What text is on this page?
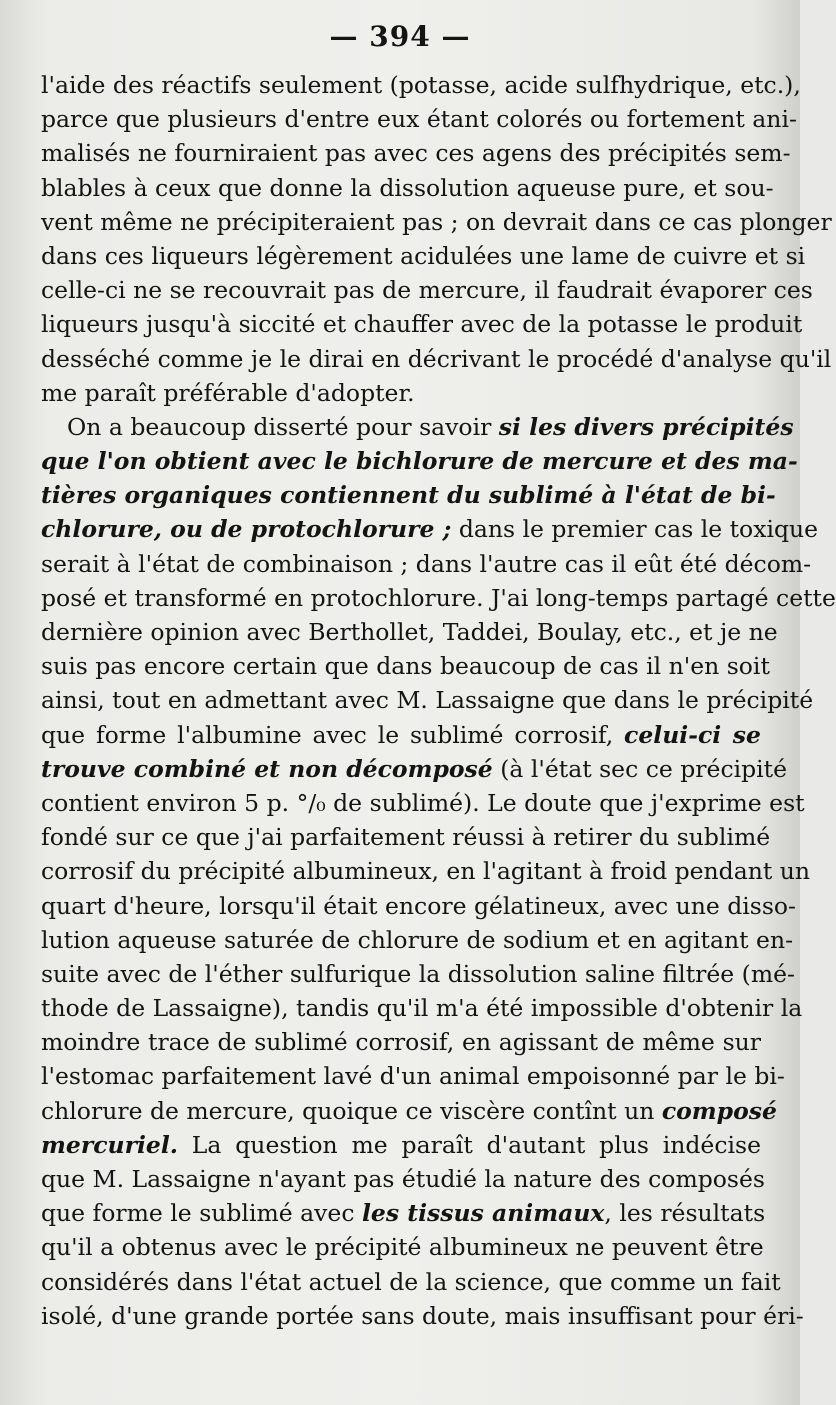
— 394 —
l'aide des réactifs seulement (potasse, acide sulfhydrique, etc.),
parce que plusieurs d'entre eux étant colorés ou fortement ani-
malisés ne fourniraient pas avec ces agens des précipités sem-
blables à ceux que donne la dissolution aqueuse pure, et sou-
vent même ne précipiteraient pas ; on devrait dans ce cas plonger
dans ces liqueurs légèrement acidulées une lame de cuivre et si
celle-ci ne se recouvrait pas de mercure, il faudrait évaporer ces
liqueurs jusqu'à siccité et chauffer avec de la potasse le produit
desséché comme je le dirai en décrivant le procédé d'analyse qu'il
me paraît préférable d'adopter.
On a beaucoup disserté pour savoir si les divers précipités
que l'on obtient avec le bichlorure de mercure et des ma-
tières organiques contiennent du sublimé à l'état de bi-
chlorure, ou de protochlorure ; dans le premier cas le toxique
serait à l'état de combinaison ; dans l'autre cas il eût été décom-
posé et transformé en protochlorure. J'ai long-temps partagé cette
dernière opinion avec Berthollet, Taddei, Boulay, etc., et je ne
suis pas encore certain que dans beaucoup de cas il n'en soit
ainsi, tout en admettant avec M. Lassaigne que dans le précipité
que forme l'albumine avec le sublimé corrosif, celui-ci se
trouve combiné et non décomposé (à l'état sec ce précipité
contient environ 5 p. °/₀ de sublimé). Le doute que j'exprime est
fondé sur ce que j'ai parfaitement réussi à retirer du sublimé
corrosif du précipité albumineux, en l'agitant à froid pendant un
quart d'heure, lorsqu'il était encore gélatineux, avec une disso-
lution aqueuse saturée de chlorure de sodium et en agitant en-
suite avec de l'éther sulfurique la dissolution saline filtrée (mé-
thode de Lassaigne), tandis qu'il m'a été impossible d'obtenir la
moindre trace de sublimé corrosif, en agissant de même sur
l'estomac parfaitement lavé d'un animal empoisonné par le bi-
chlorure de mercure, quoique ce viscère contînt un composé
mercuriel. La question me paraît d'autant plus indécise
que M. Lassaigne n'ayant pas étudié la nature des composés
que forme le sublimé avec les tissus animaux, les résultats
qu'il a obtenus avec le précipité albumineux ne peuvent être
considérés dans l'état actuel de la science, que comme un fait
isolé, d'une grande portée sans doute, mais insuffisant pour éri-
